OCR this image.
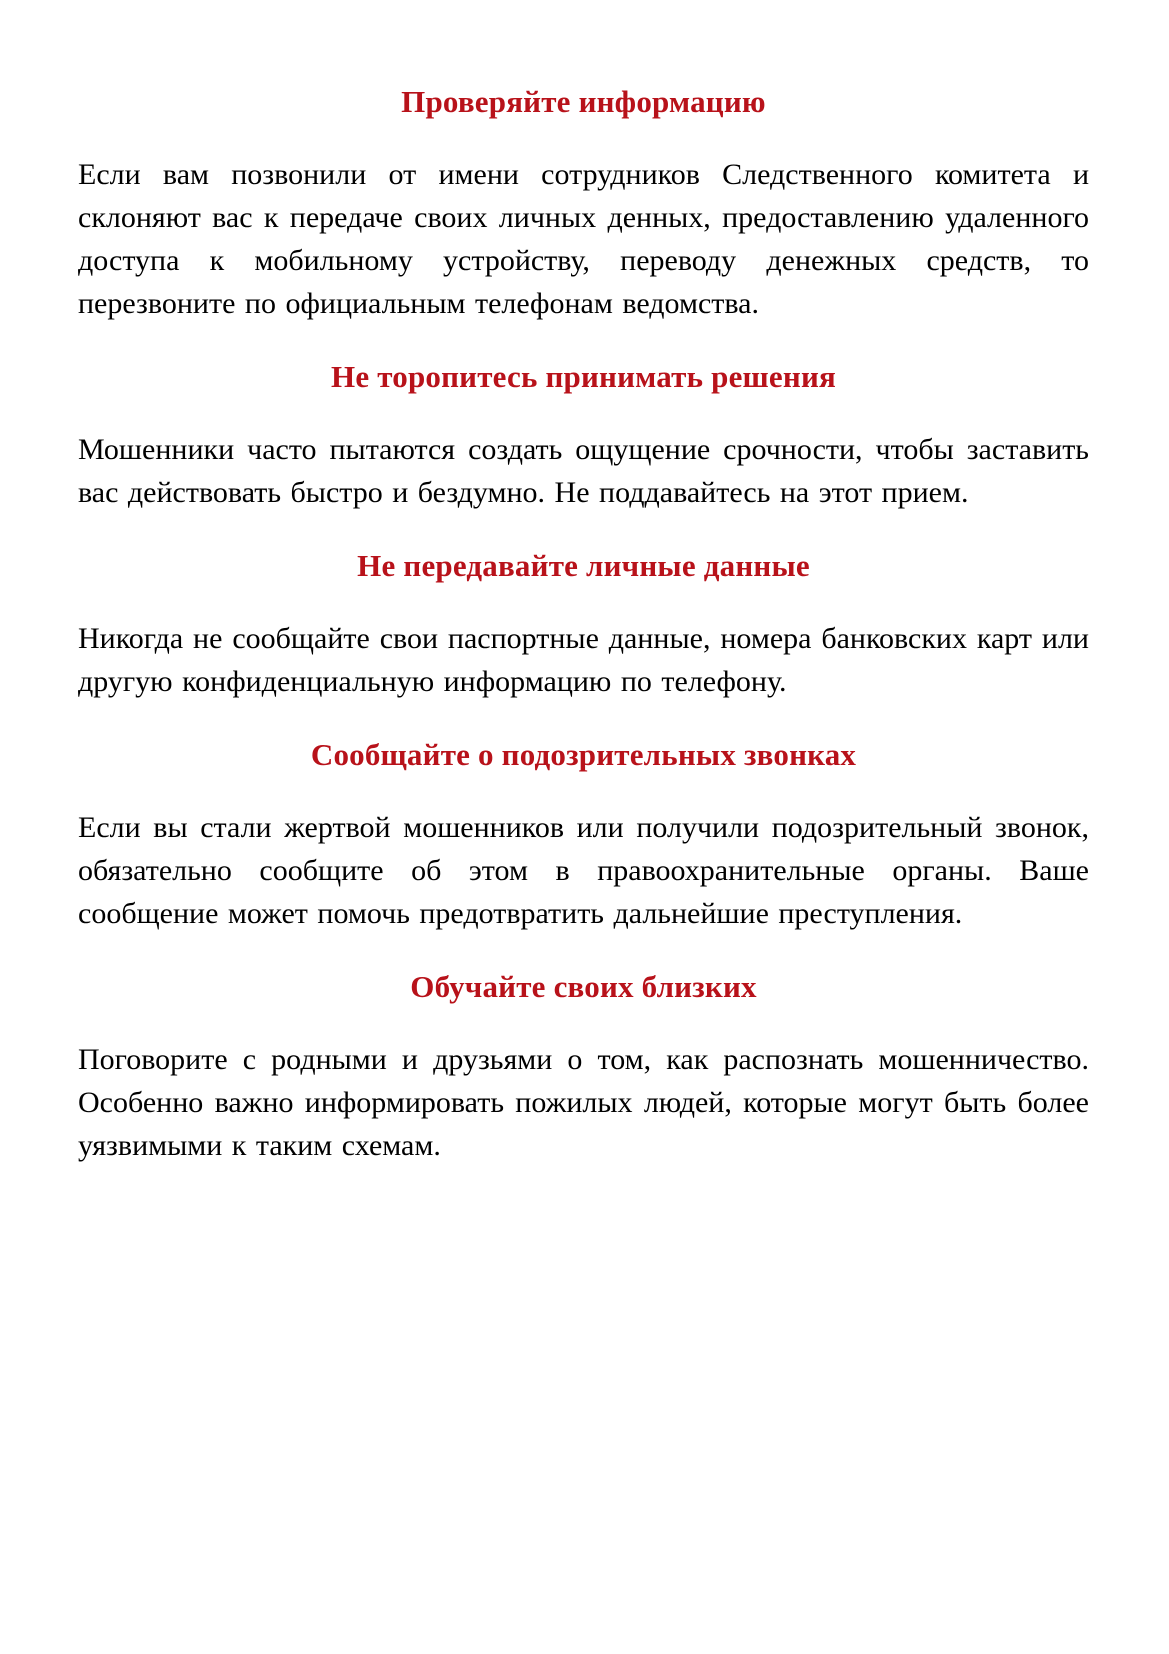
Проверяйте информацию

Если вам позвонили от имени сотрудников Следственного комитета и склоняют вас к передаче своих личных денных, предоставлению удаленного доступа к мобильному устройству, переводу денежных средств, то перезвоните по официальным телефонам ведомства.

Не торопитесь принимать решения

Мошенники часто пытаются создать ощущение срочности, чтобы заставить вас действовать быстро и бездумно. Не поддавайтесь на этот прием.

Не передавайте личные данные

Никогда не сообщайте свои паспортные данные, номера банковских карт или другую конфиденциальную информацию по телефону.

Сообщайте о подозрительных звонках

Если вы стали жертвой мошенников или получили подозрительный звонок, обязательно сообщите об этом в правоохранительные органы. Ваше сообщение может помочь предотвратить дальнейшие преступления.

Обучайте своих близких

Поговорите с родными и друзьями о том, как распознать мошенничество. Особенно важно информировать пожилых людей, которые могут быть более уязвимыми к таким схемам.
